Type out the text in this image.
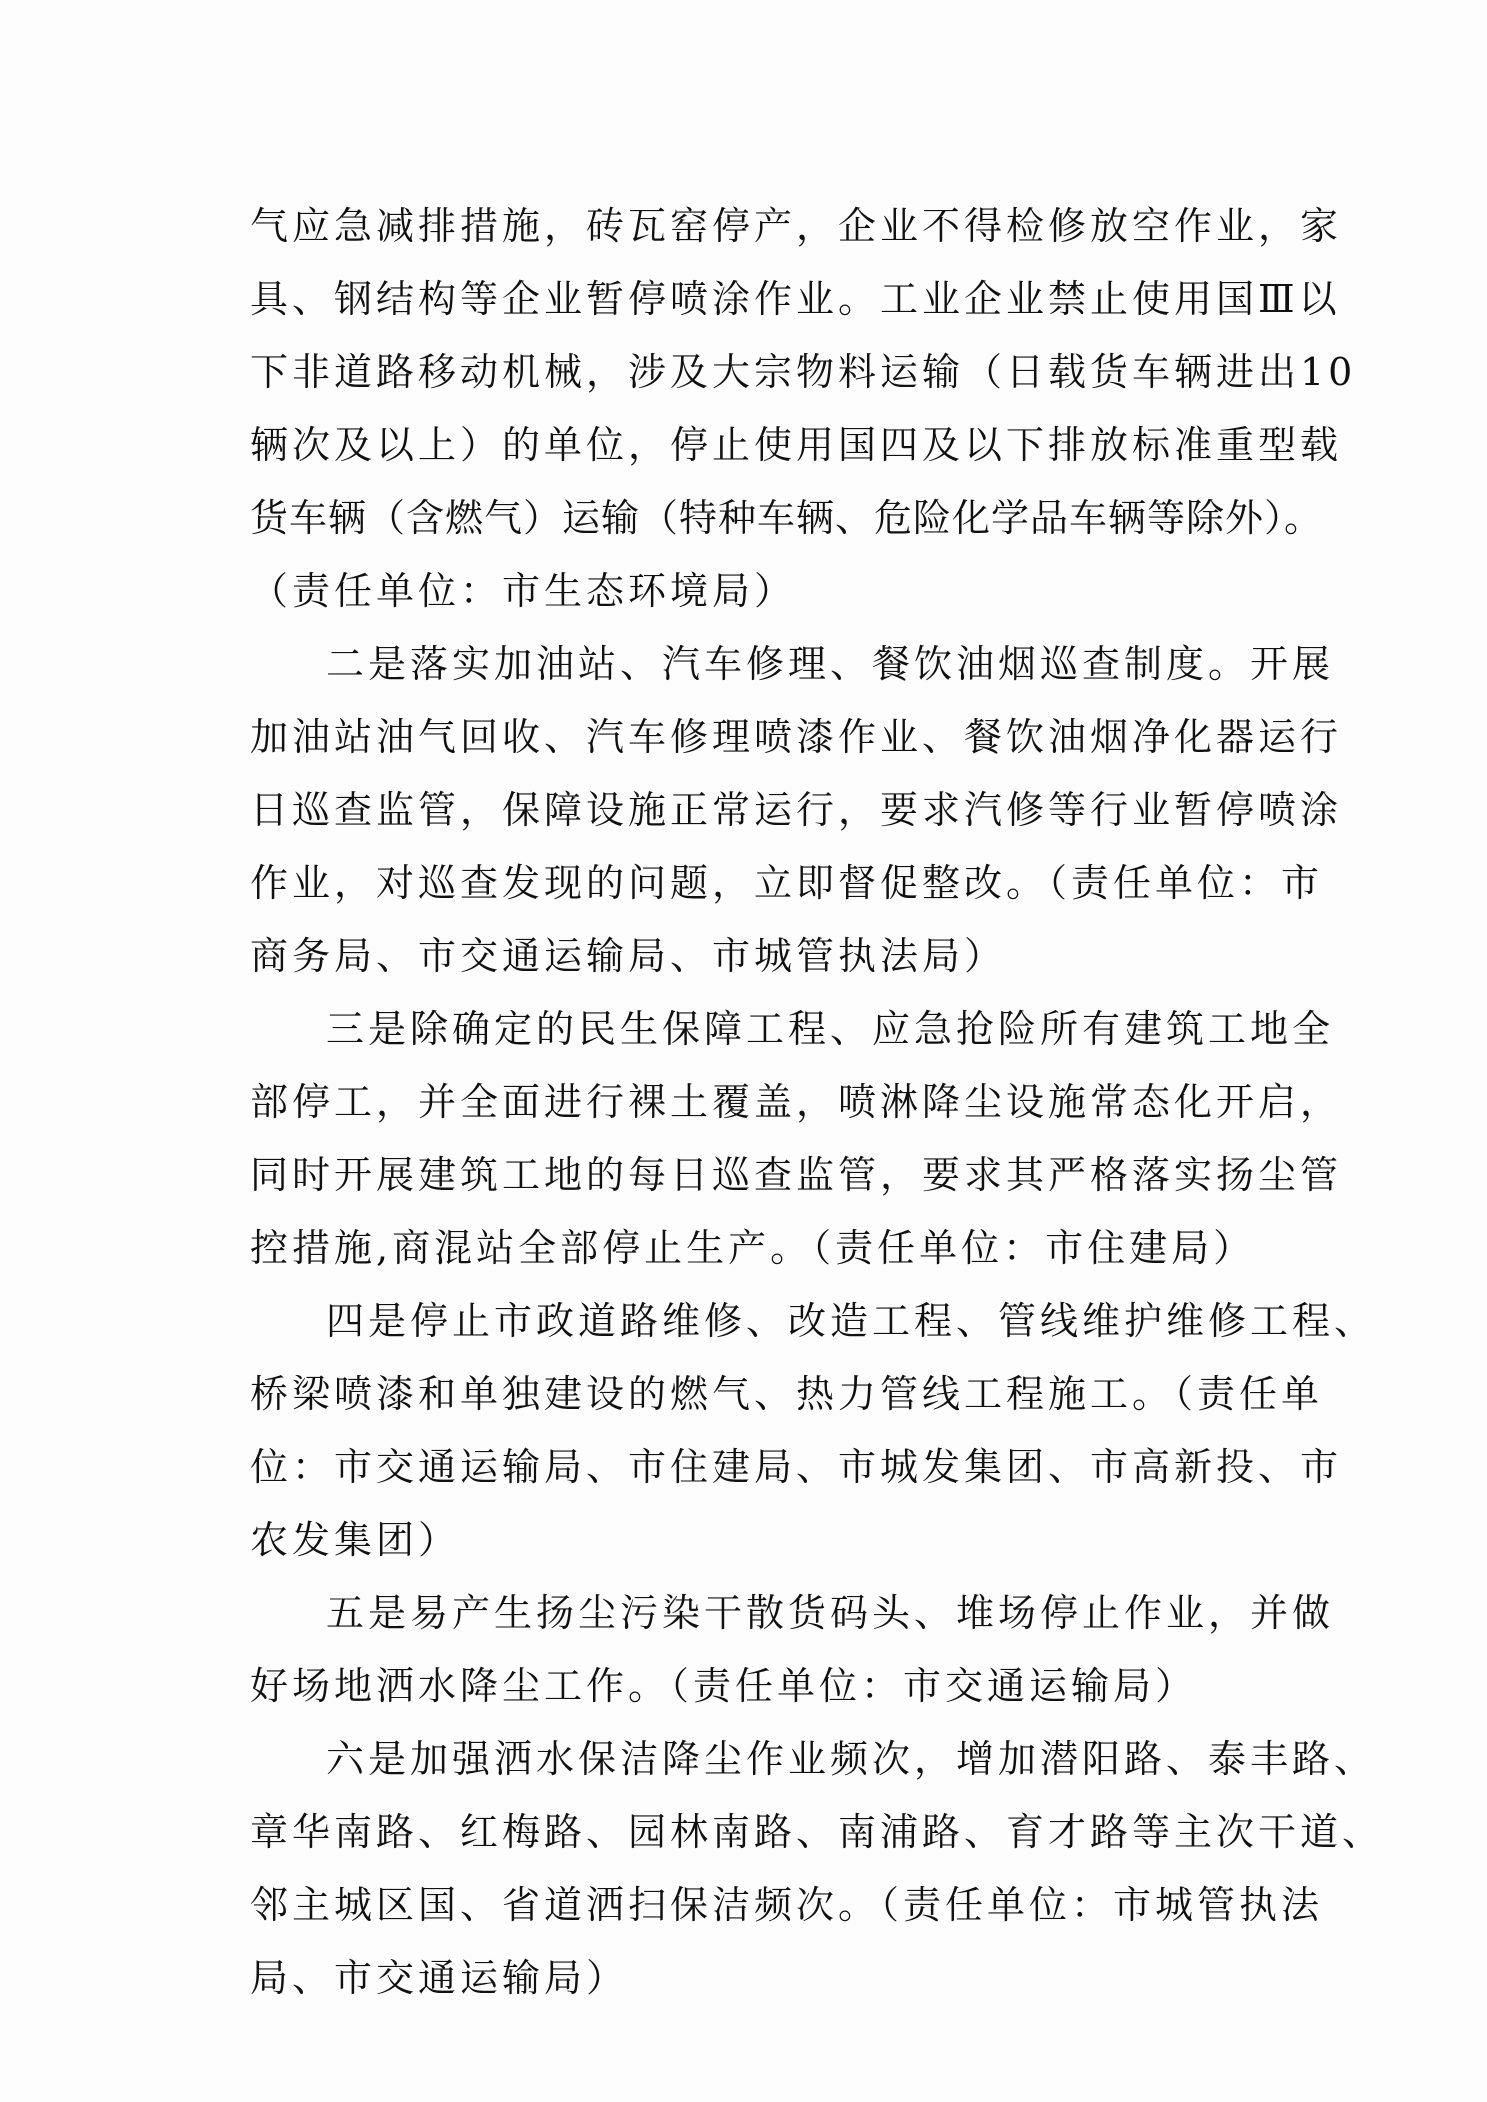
气应急减排措施，砖瓦窑停产，企业不得检修放空作业，家
具、钢结构等企业暂停喷涂作业。工业企业禁止使用国Ⅲ以
下非道路移动机械，涉及大宗物料运输（日载货车辆进出10
辆次及以上）的单位，停止使用国四及以下排放标准重型载
货车辆（含燃气）运输（特种车辆、危险化学品车辆等除外）。
（责任单位：市生态环境局）
二是落实加油站、汽车修理、餐饮油烟巡查制度。开展
加油站油气回收、汽车修理喷漆作业、餐饮油烟净化器运行
日巡查监管，保障设施正常运行，要求汽修等行业暂停喷涂
作业，对巡查发现的问题，立即督促整改。（责任单位：市
商务局、市交通运输局、市城管执法局）
三是除确定的民生保障工程、应急抢险所有建筑工地全
部停工，并全面进行裸土覆盖，喷淋降尘设施常态化开启，
同时开展建筑工地的每日巡查监管，要求其严格落实扬尘管
控措施,商混站全部停止生产。（责任单位：市住建局）
四是停止市政道路维修、改造工程、管线维护维修工程、
桥梁喷漆和单独建设的燃气、热力管线工程施工。（责任单
位：市交通运输局、市住建局、市城发集团、市高新投、市
农发集团）
五是易产生扬尘污染干散货码头、堆场停止作业，并做
好场地洒水降尘工作。（责任单位：市交通运输局）
六是加强洒水保洁降尘作业频次，增加潜阳路、泰丰路、
章华南路、红梅路、园林南路、南浦路、育才路等主次干道、
邻主城区国、省道洒扫保洁频次。（责任单位：市城管执法
局、市交通运输局）
